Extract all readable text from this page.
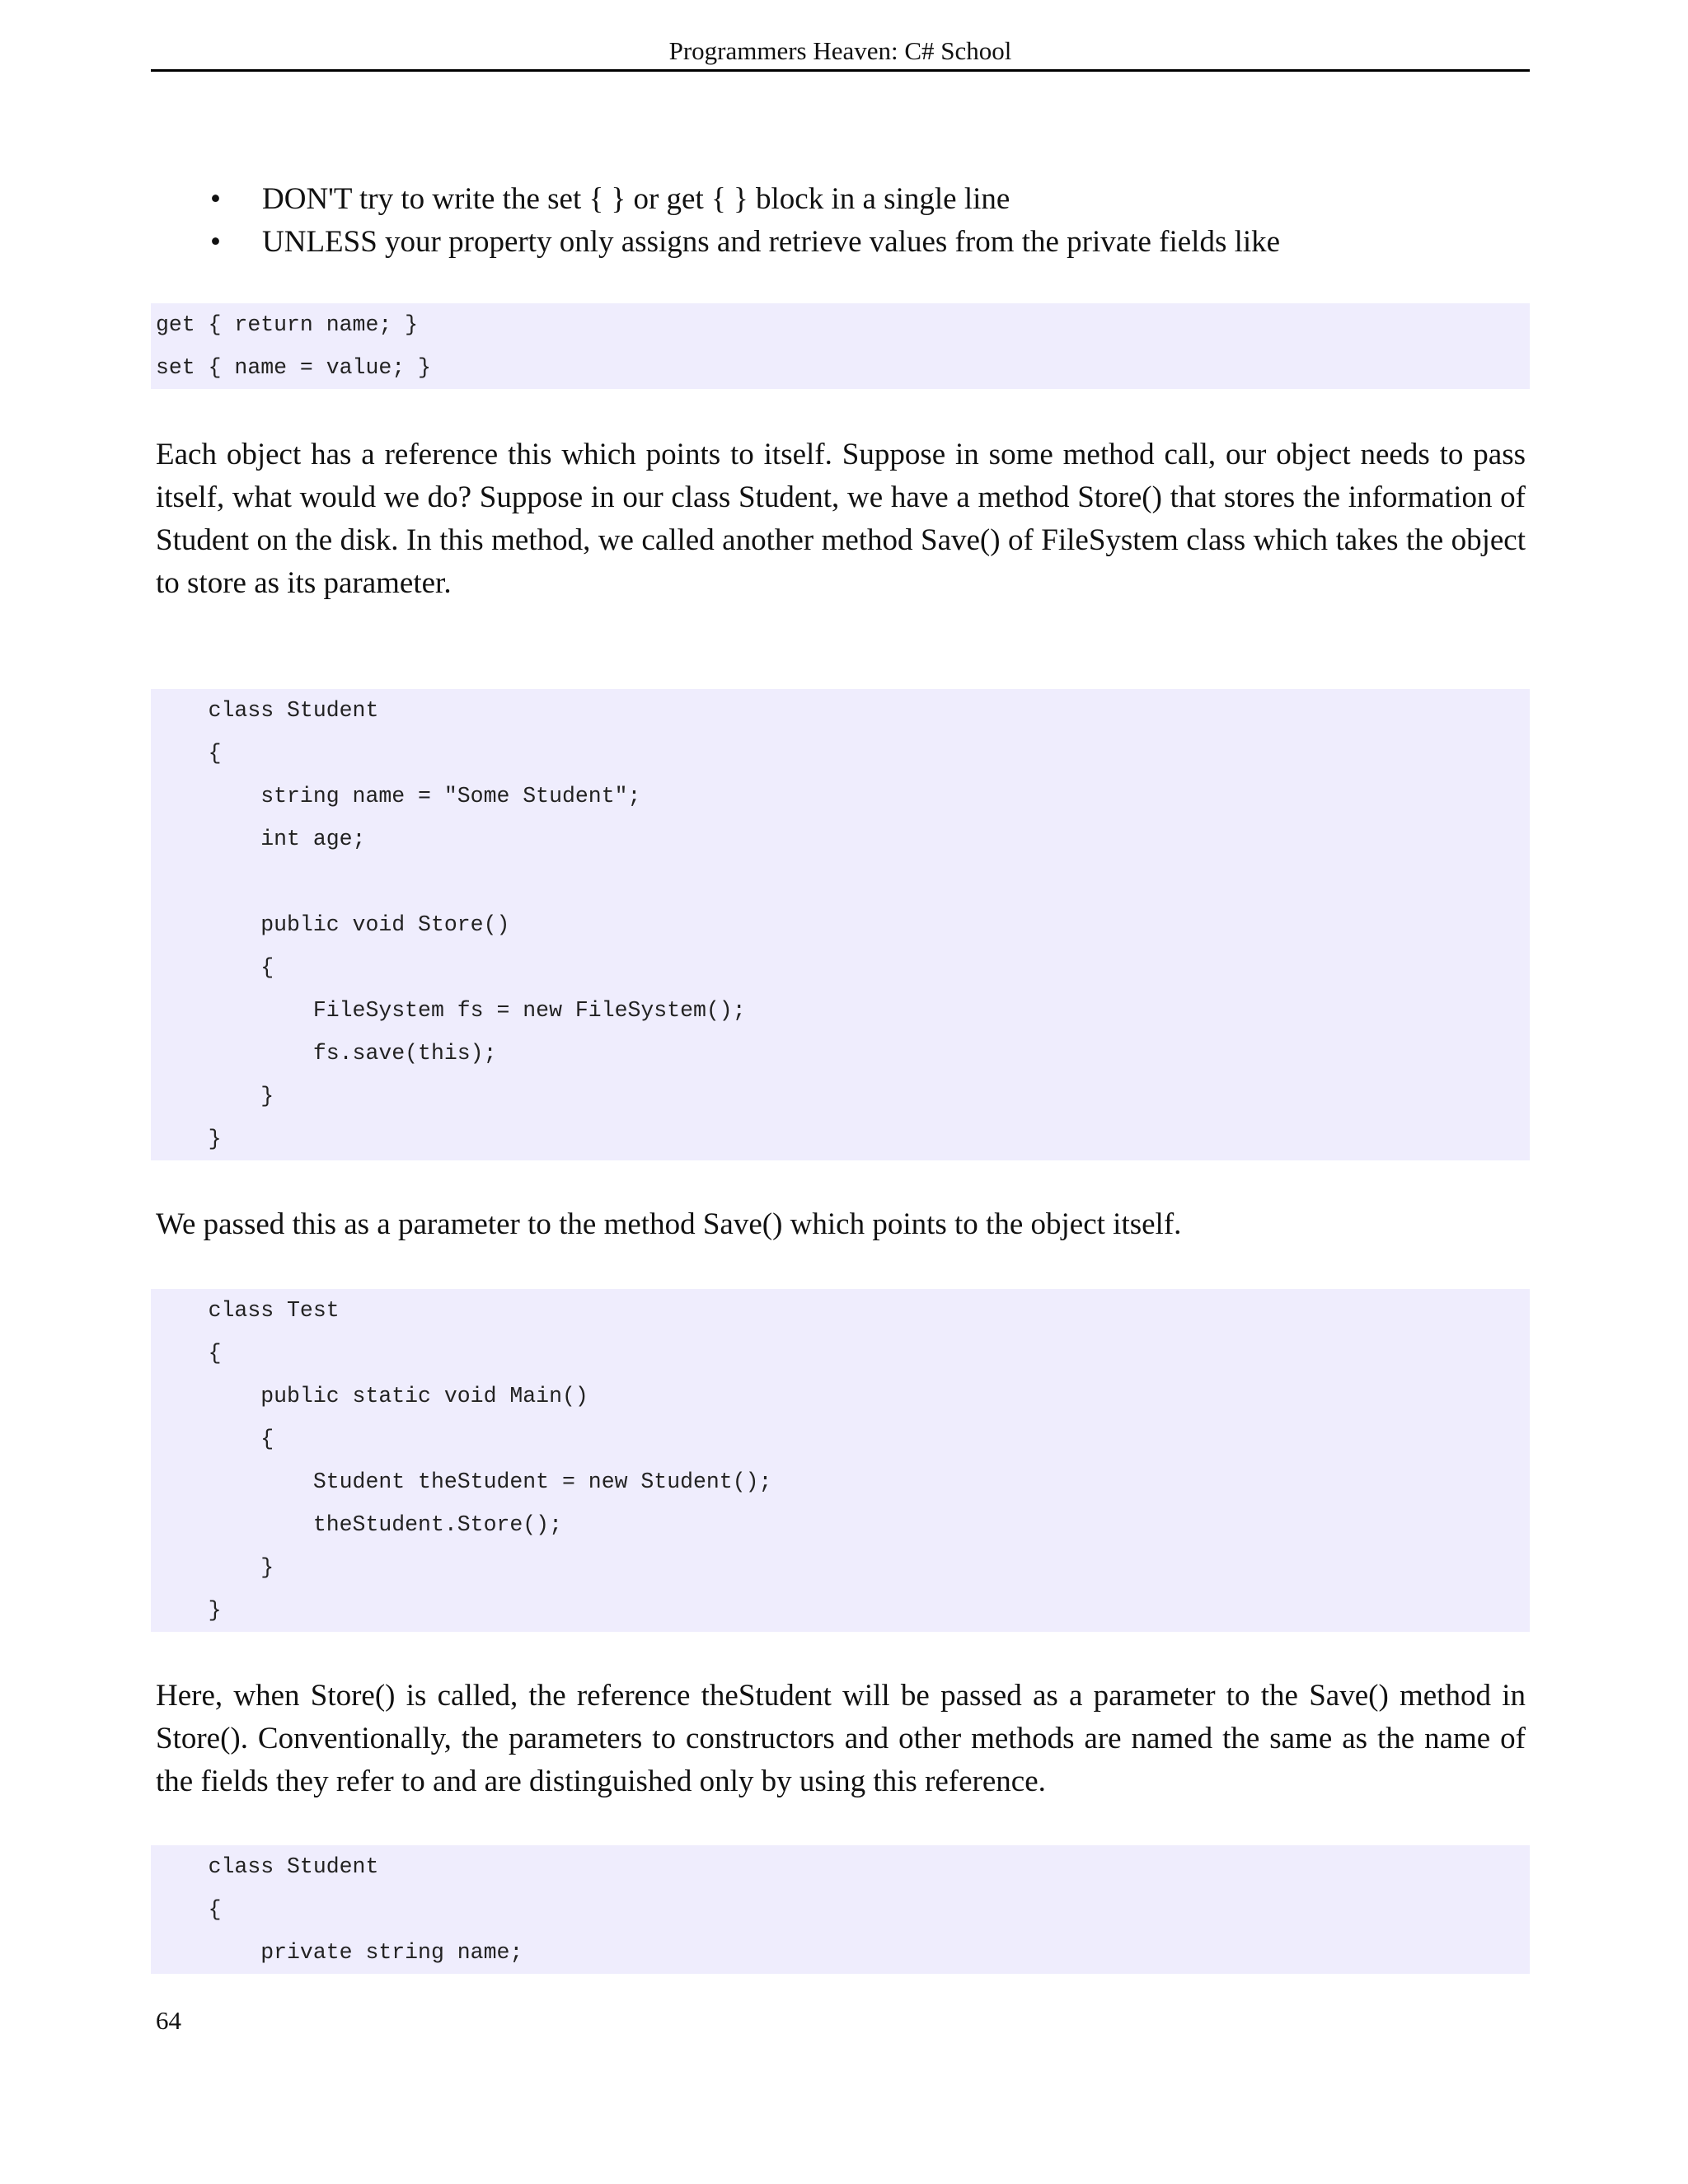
Programmers Heaven: C# School
• DON'T try to write the set { } or get { } block in a single line
• UNLESS your property only assigns and retrieve values from the private fields like
get { return name; }
set { name = value; }

Each object has a reference this which points to itself. Suppose in some method call, our object needs to pass itself, what would we do? Suppose in our class Student, we have a method Store() that stores the information of Student on the disk. In this method, we called another method Save() of FileSystem class which takes the object to store as its parameter.

class Student
{
string name = "Some Student";
int age;
public void Store()
{
FileSystem fs = new FileSystem();
fs.save(this);
}
}

We passed this as a parameter to the method Save() which points to the object itself.

class Test
{
public static void Main()
{
Student theStudent = new Student();
theStudent.Store();
}
}

Here, when Store() is called, the reference theStudent will be passed as a parameter to the Save() method in Store(). Conventionally, the parameters to constructors and other methods are named the same as the name of the fields they refer to and are distinguished only by using this reference.

class Student
{
private string name;
64
